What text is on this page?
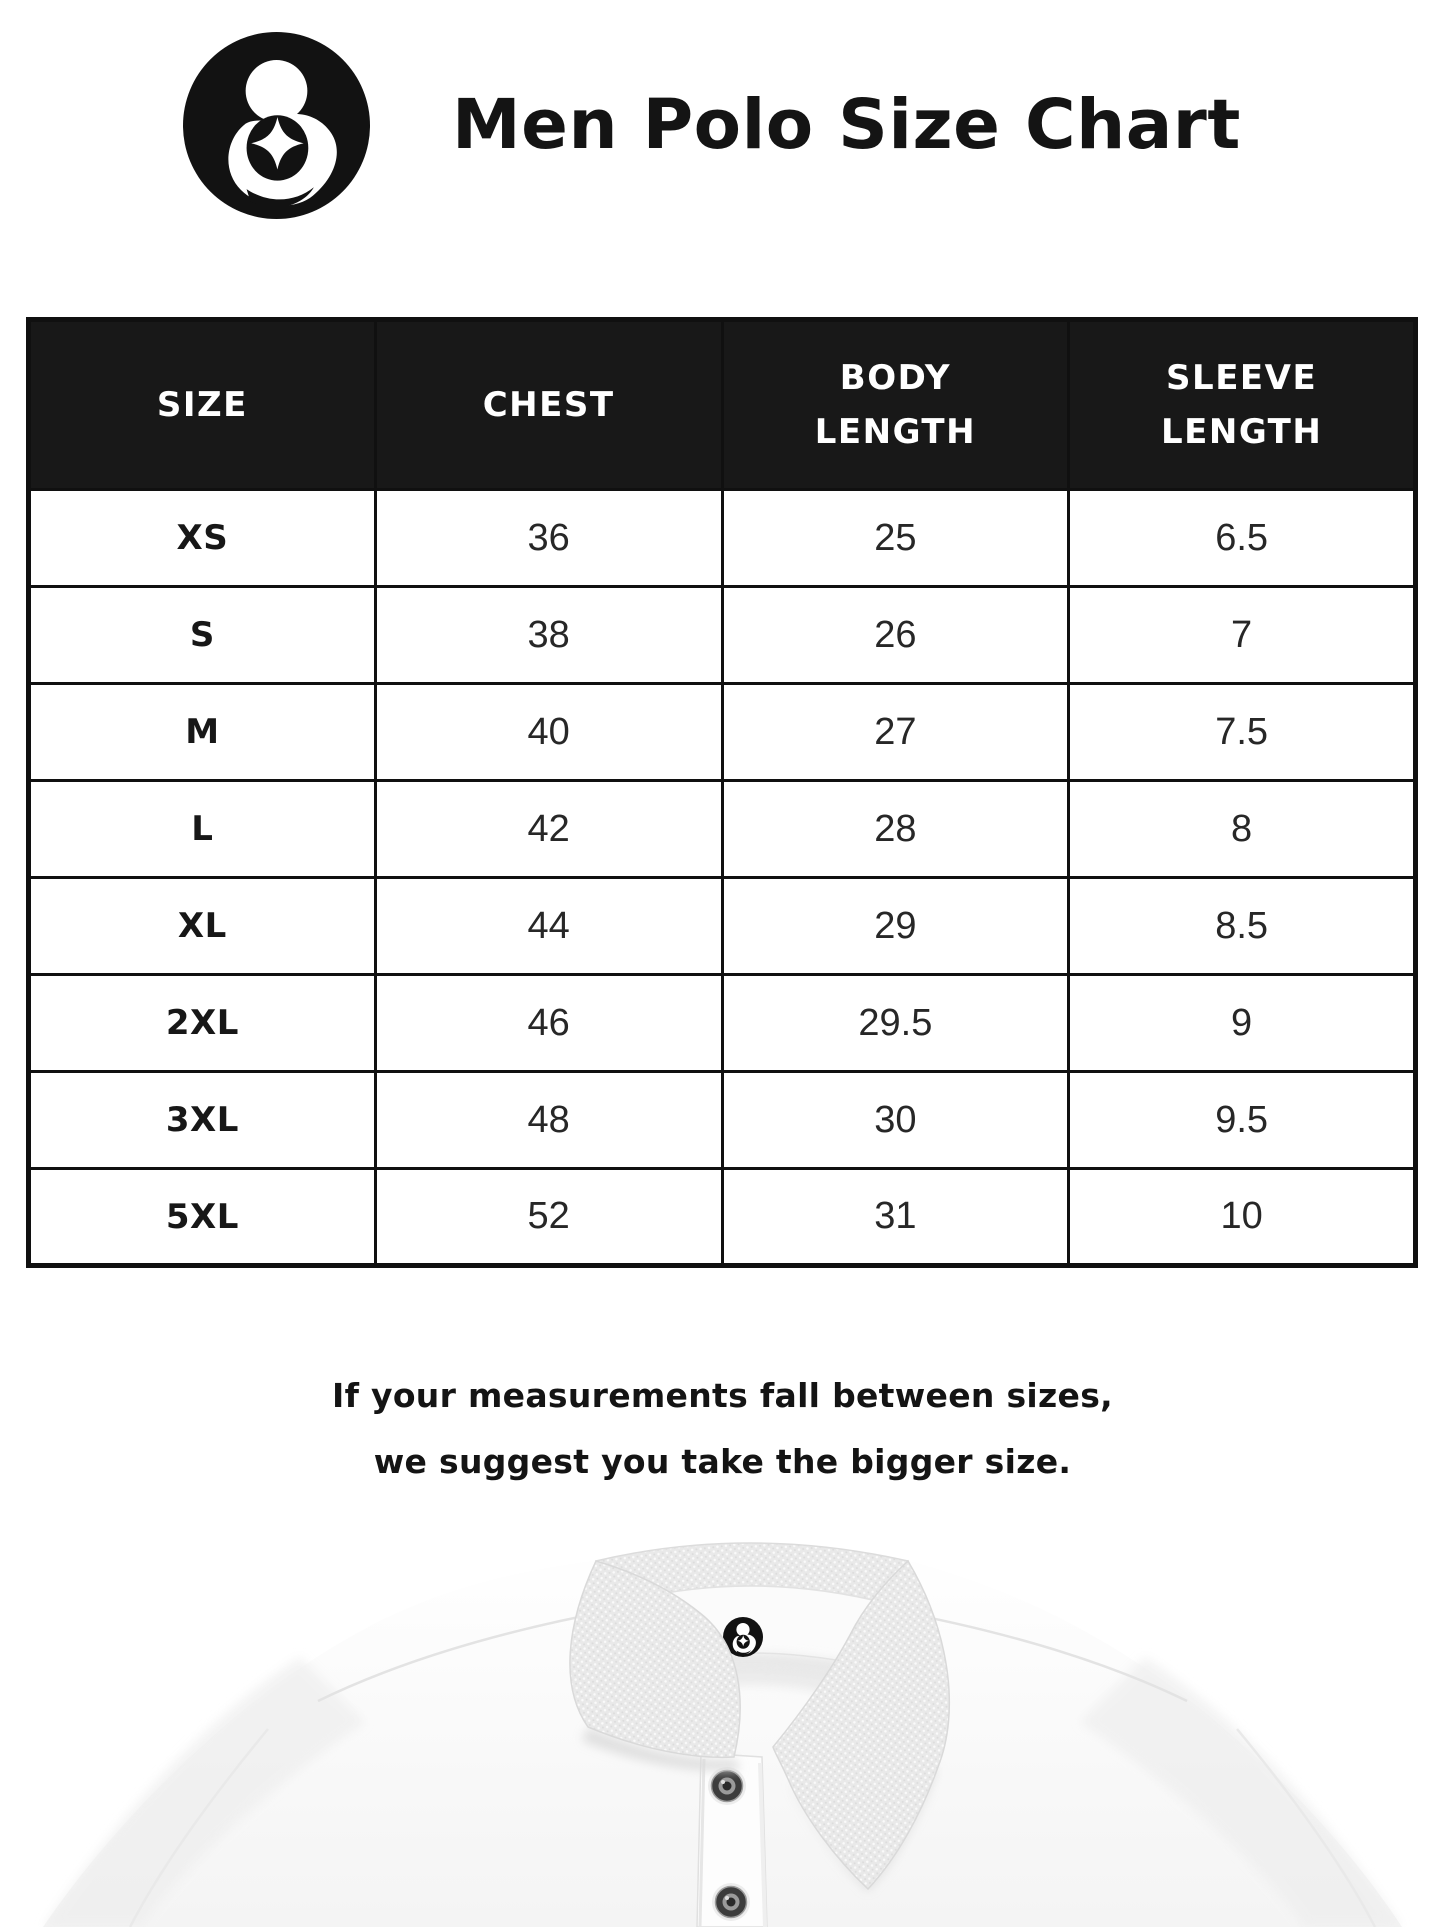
Men Polo Size Chart
SIZE	CHEST	BODY LENGTH	SLEEVE LENGTH

XS	36	25	6.5
S	38	26	7
M	40	27	7.5
L	42	28	8
XL	44	29	8.5
2XL	46	29.5	9
3XL	48	30	9.5
5XL	52	31	10

If your measurements fall between sizes,
we suggest you take the bigger size.
